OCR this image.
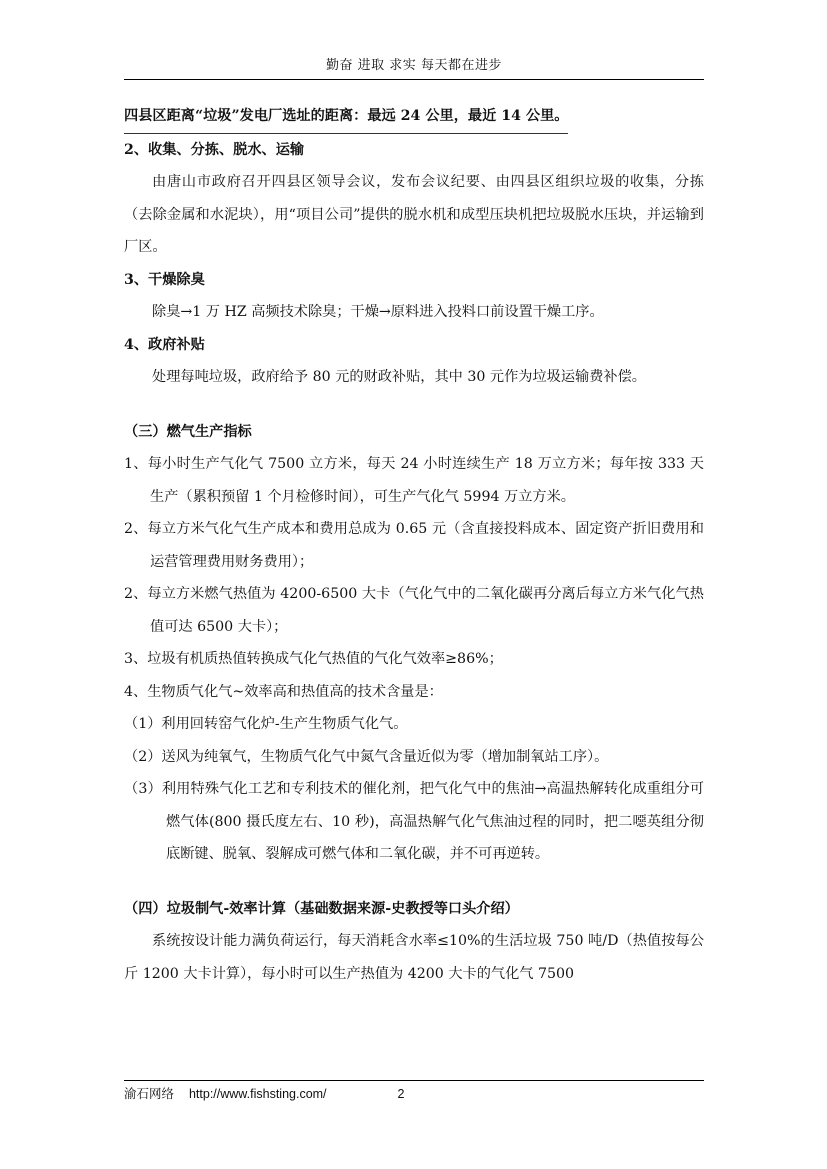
勤奋 进取 求实 每天都在进步

四县区距离“垃圾”发电厂选址的距离：最远 24 公里，最近 14 公里。

2、收集、分拣、脱水、运输

由唐山市政府召开四县区领导会议，发布会议纪要、由四县区组织垃圾的收集，分拣（去除金属和水泥块），用“项目公司”提供的脱水机和成型压块机把垃圾脱水压块，并运输到厂区。

3、干燥除臭

除臭→1 万 HZ 高频技术除臭；干燥→原料进入投料口前设置干燥工序。

4、政府补贴

处理每吨垃圾，政府给予 80 元的财政补贴，其中 30 元作为垃圾运输费补偿。

（三）燃气生产指标

1、每小时生产气化气 7500 立方米，每天 24 小时连续生产 18 万立方米；每年按 333 天生产（累积预留 1 个月检修时间），可生产气化气 5994 万立方米。

2、每立方米气化气生产成本和费用总成为 0.65 元（含直接投料成本、固定资产折旧费用和运营管理费用财务费用）；

2、每立方米燃气热值为 4200-6500 大卡（气化气中的二氧化碳再分离后每立方米气化气热值可达 6500 大卡）；

3、垃圾有机质热值转换成气化气热值的气化气效率≥86%；

4、生物质气化气~效率高和热值高的技术含量是：

（1）利用回转窑气化炉-生产生物质气化气。

（2）送风为纯氧气，生物质气化气中氮气含量近似为零（增加制氧站工序）。

（3）利用特殊气化工艺和专利技术的催化剂，把气化气中的焦油→高温热解转化成重组分可燃气体(800 摄氏度左右、10 秒)，高温热解气化气焦油过程的同时，把二噁英组分彻底断键、脱氧、裂解成可燃气体和二氧化碳，并不可再逆转。

（四）垃圾制气-效率计算（基础数据来源-史教授等口头介绍）

系统按设计能力满负荷运行，每天消耗含水率≤10%的生活垃圾 750 吨/D（热值按每公斤 1200 大卡计算），每小时可以生产热值为 4200 大卡的气化气 7500

渝石网络 http://www.fishsting.com/	2
